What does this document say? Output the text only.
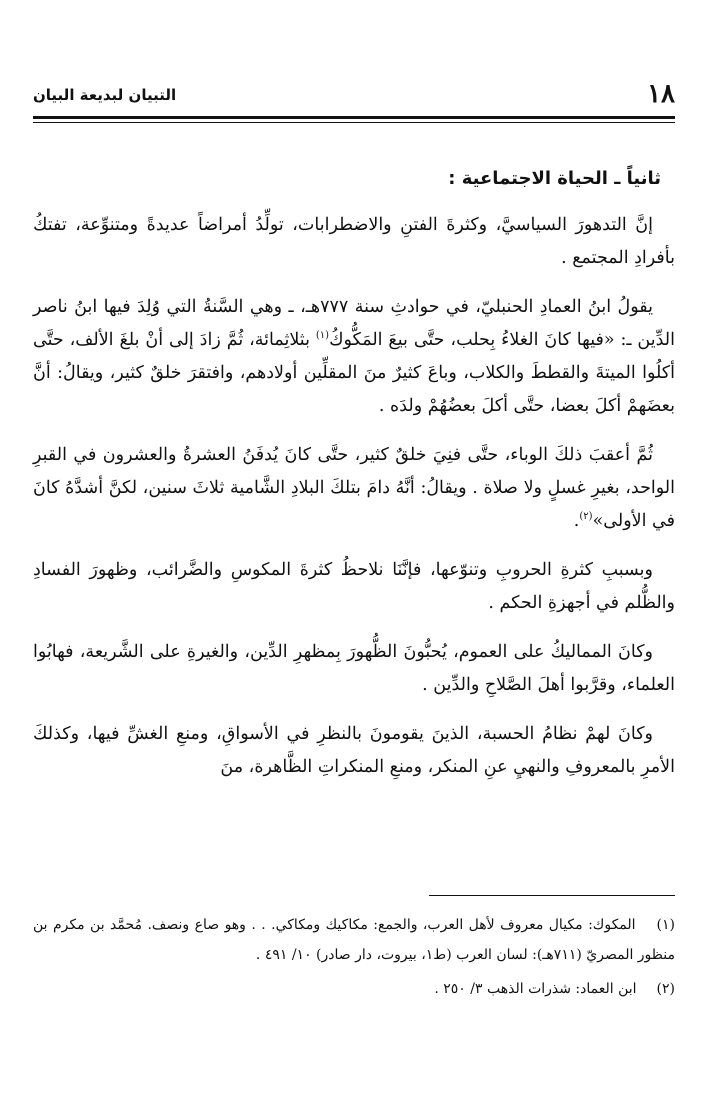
١٨
التبيان لبديعة البيان
ثانياً ـ الحياة الاجتماعية :

إنَّ التدهورَ السياسيَّ، وكثرةَ الفتنِ والاضطرابات، تولِّدُ أمراضاً عديدةً ومتنوِّعة، تفتكُ بأفرادِ المجتمع .

يقولُ ابنُ العمادِ الحنبليّ، في حوادثِ سنة ٧٧٧هـ، ـ وهي السَّنةُ التي وُلِدَ فيها ابنُ ناصر الدِّين ـ: «فيها كانَ الغلاءُ بِحلب، حتَّى بيعَ المَكُّوكُ$^{(١)}$ بثلاثِمائة، ثُمَّ زادَ إلى أنْ بلغَ الألف، حتَّى أكلُوا الميتةَ والقططَ والكلاب، وباعَ كثيرٌ منَ المقلِّين أولادهم، وافتقرَ خلقٌ كثير، ويقالُ: أنَّ بعضَهمْ أكلَ بعضا، حتَّى أكلَ بعضُهُمْ ولدَه .

ثُمَّ أعقبَ ذلكَ الوباء، حتَّى فنِيَ خلقٌ كثير، حتَّى كانَ يُدفَنُ العشرةُ والعشرون في القبرِ الواحد، بغيرِ غسلٍ ولا صلاة . ويقالُ: أنَّهُ دامَ بتلكَ البلادِ الشَّامية ثلاثَ سنين، لكنَّ أشدَّهُ كانَ في الأولى»$^{(٢)}$.

وبسببِ كثرةِ الحروبِ وتنوّعها، فإنَّنَا نلاحظُ كثرةَ المكوسِ والضَّرائب، وظهورَ الفسادِ والظُّلم في أجهزةِ الحكم .

وكانَ المماليكُ على العموم، يُحبُّونَ الظُّهورَ بِمظهرِ الدِّين، والغيرةِ على الشَّريعة، فهابُوا العلماء، وقرَّبوا أهلَ الصَّلاحِ والدِّين .

وكانَ لهمْ نظامُ الحسبة، الذينَ يقومونَ بالنظرِ في الأسواقِ، ومنعِ الغشِّ فيها، وكذلكَ الأمرِ بالمعروفِ والنهيِ عنِ المنكر، ومنعِ المنكراتِ الظَّاهرة، منَ

(١) المكوك: مكيال معروف لأهل العرب، والجمع: مكاكيك ومكاكي. . . وهو صاع ونصف. مُحمَّد بن مكرم بن منظور المصريّ (٧١١هـ): لسان العرب (ط١، بيروت، دار صادر) ١٠/ ٤٩١ .
(٢) ابن العماد: شذرات الذهب ٣/ ٢٥٠ .
